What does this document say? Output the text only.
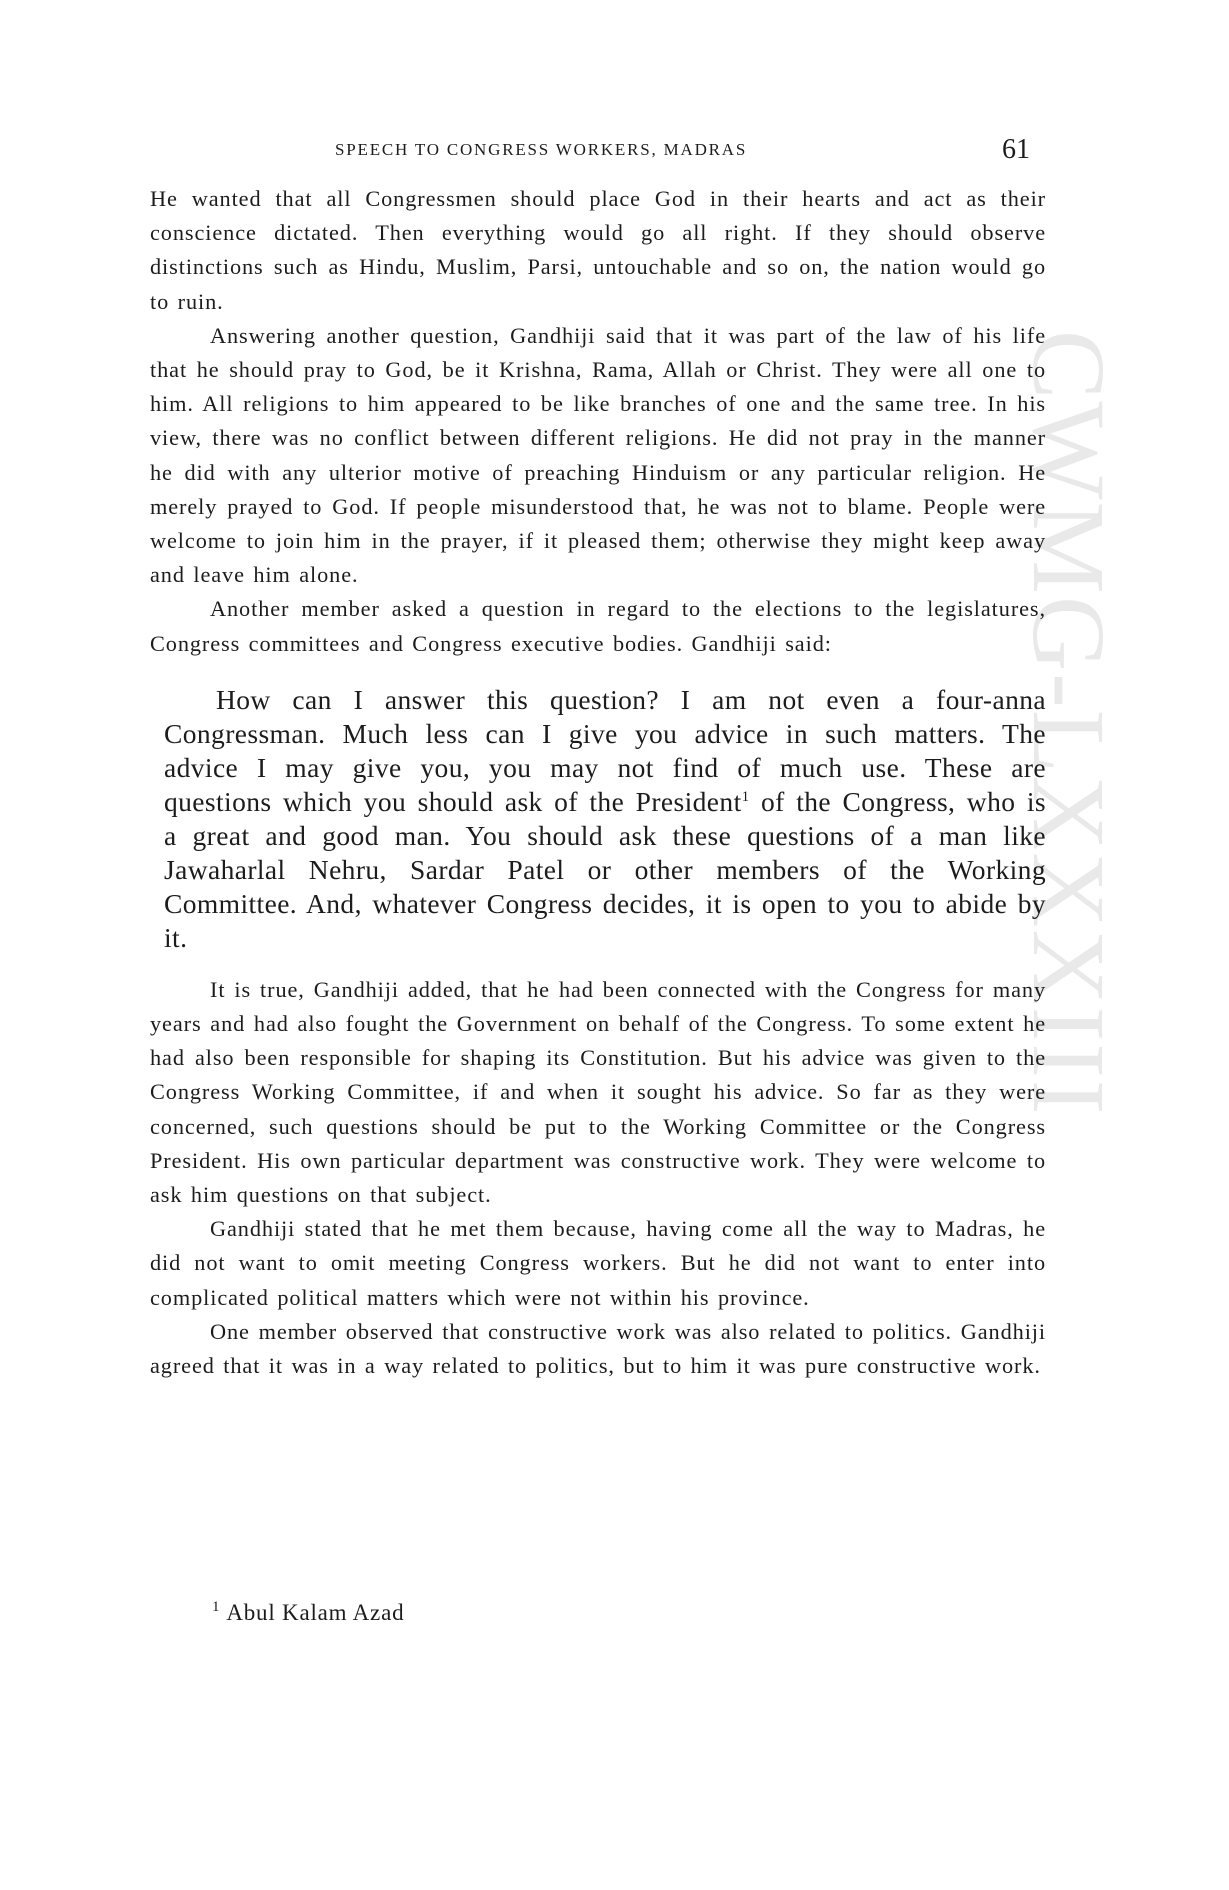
CWMG-LXXXIII
SPEECH TO CONGRESS WORKERS, MADRAS	61

He wanted that all Congressmen should place God in their hearts and act as their conscience dictated. Then everything would go all right. If they should observe distinctions such as Hindu, Muslim, Parsi, untouchable and so on, the nation would go to ruin.

Answering another question, Gandhiji said that it was part of the law of his life that he should pray to God, be it Krishna, Rama, Allah or Christ. They were all one to him. All religions to him appeared to be like branches of one and the same tree. In his view, there was no conflict between different religions. He did not pray in the manner he did with any ulterior motive of preaching Hinduism or any particular religion. He merely prayed to God. If people misunderstood that, he was not to blame. People were welcome to join him in the prayer, if it pleased them; otherwise they might keep away and leave him alone.

Another member asked a question in regard to the elections to the legislatures, Congress committees and Congress executive bodies. Gandhiji said:

How can I answer this question? I am not even a four-anna Congressman. Much less can I give you advice in such matters. The advice I may give you, you may not find of much use. These are questions which you should ask of the President$^1$ of the Congress, who is a great and good man. You should ask these questions of a man like Jawaharlal Nehru, Sardar Patel or other members of the Working Committee. And, whatever Congress decides, it is open to you to abide by it.

It is true, Gandhiji added, that he had been connected with the Congress for many years and had also fought the Government on behalf of the Congress. To some extent he had also been responsible for shaping its Constitution. But his advice was given to the Congress Working Committee, if and when it sought his advice. So far as they were concerned, such questions should be put to the Working Committee or the Congress President. His own particular department was constructive work. They were welcome to ask him questions on that subject.

Gandhiji stated that he met them because, having come all the way to Madras, he did not want to omit meeting Congress workers. But he did not want to enter into complicated political matters which were not within his province.

One member observed that constructive work was also related to politics. Gandhiji agreed that it was in a way related to politics, but to him it was pure constructive work.

$^1$ Abul Kalam Azad
